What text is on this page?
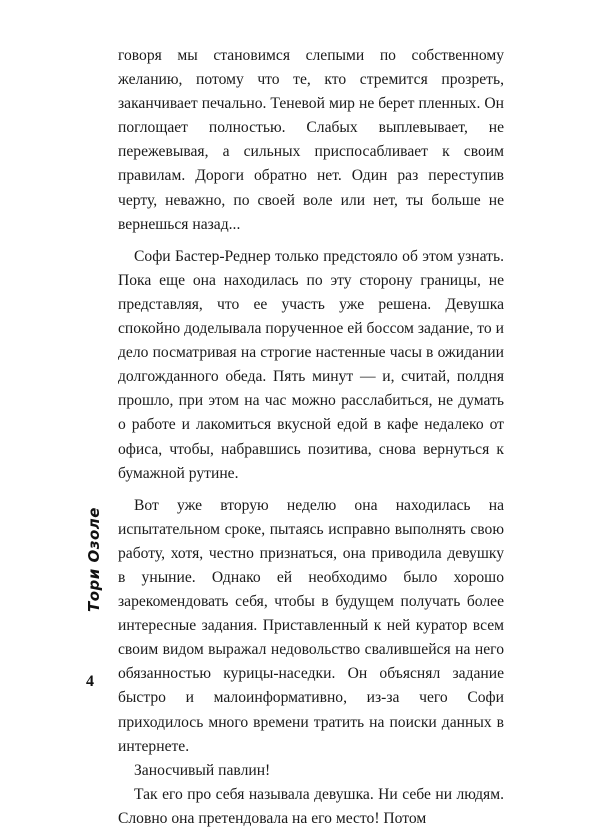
говоря мы становимся слепыми по собственному желанию, потому что те, кто стремится прозреть, заканчивает печально. Теневой мир не берет пленных. Он поглощает полностью. Слабых выплевывает, не пережевывая, а сильных приспосабливает к своим правилам. Дороги обратно нет. Один раз переступив черту, неважно, по своей воле или нет, ты больше не вернешься назад...

Софи Бастер-Реднер только предстояло об этом узнать. Пока еще она находилась по эту сторону границы, не представляя, что ее участь уже решена. Девушка спокойно доделывала порученное ей боссом задание, то и дело посматривая на строгие настенные часы в ожидании долгожданного обеда. Пять минут — и, считай, полдня прошло, при этом на час можно расслабиться, не думать о работе и лакомиться вкусной едой в кафе недалеко от офиса, чтобы, набравшись позитива, снова вернуться к бумажной рутине.

Вот уже вторую неделю она находилась на испытательном сроке, пытаясь исправно выполнять свою работу, хотя, честно признаться, она приводила девушку в уныние. Однако ей необходимо было хорошо зарекомендовать себя, чтобы в будущем получать более интересные задания. Приставленный к ней куратор всем своим видом выражал недовольство свалившейся на него обязанностью курицы-наседки. Он объяснял задание быстро и малоинформативно, из-за чего Софи приходилось много времени тратить на поиски данных в интернете.

Заносчивый павлин!

Так его про себя называла девушка. Ни себе ни людям. Словно она претендовала на его место! Потом

Тори Озоле
4
